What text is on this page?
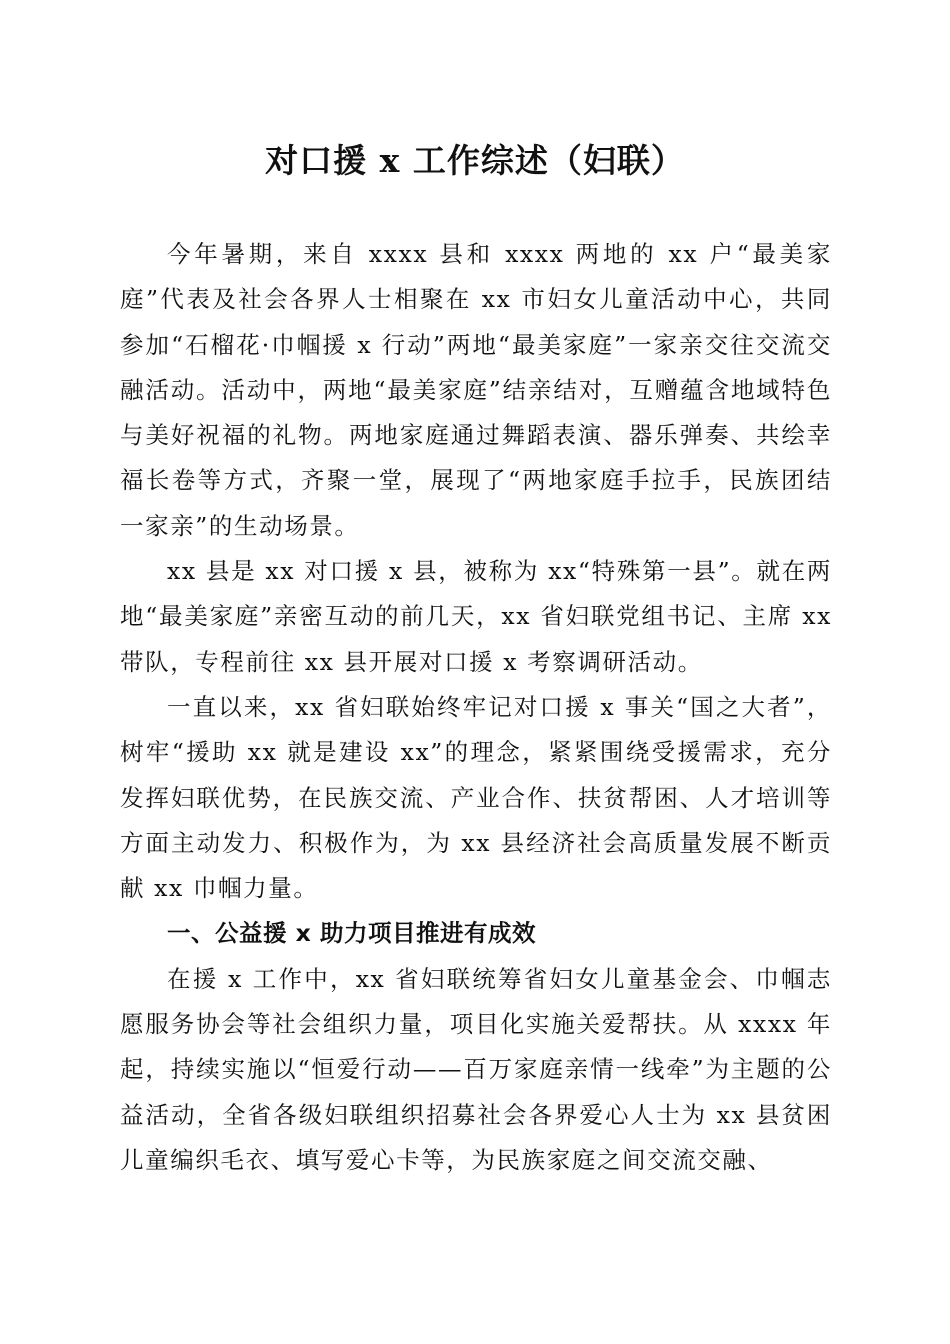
对口援 x 工作综述（妇联）

今年暑期，来自 xxxx 县和 xxxx 两地的 xx 户“最美家庭”代表及社会各界人士相聚在 xx 市妇女儿童活动中心，共同参加“石榴花·巾帼援 x 行动”两地“最美家庭”一家亲交往交流交融活动。活动中，两地“最美家庭”结亲结对，互赠蕴含地域特色与美好祝福的礼物。两地家庭通过舞蹈表演、器乐弹奏、共绘幸福长卷等方式，齐聚一堂，展现了“两地家庭手拉手，民族团结一家亲”的生动场景。

xx 县是 xx 对口援 x 县，被称为 xx“特殊第一县”。就在两地“最美家庭”亲密互动的前几天，xx 省妇联党组书记、主席 xx 带队，专程前往 xx 县开展对口援 x 考察调研活动。

一直以来，xx 省妇联始终牢记对口援 x 事关“国之大者”，树牢“援助 xx 就是建设 xx”的理念，紧紧围绕受援需求，充分发挥妇联优势，在民族交流、产业合作、扶贫帮困、人才培训等方面主动发力、积极作为，为 xx 县经济社会高质量发展不断贡献 xx 巾帼力量。

一、公益援 x 助力项目推进有成效

在援 x 工作中，xx 省妇联统筹省妇女儿童基金会、巾帼志愿服务协会等社会组织力量，项目化实施关爱帮扶。从 xxxx 年起，持续实施以“恒爱行动——百万家庭亲情一线牵”为主题的公益活动，全省各级妇联组织招募社会各界爱心人士为 xx 县贫困儿童编织毛衣、填写爱心卡等，为民族家庭之间交流交融、
